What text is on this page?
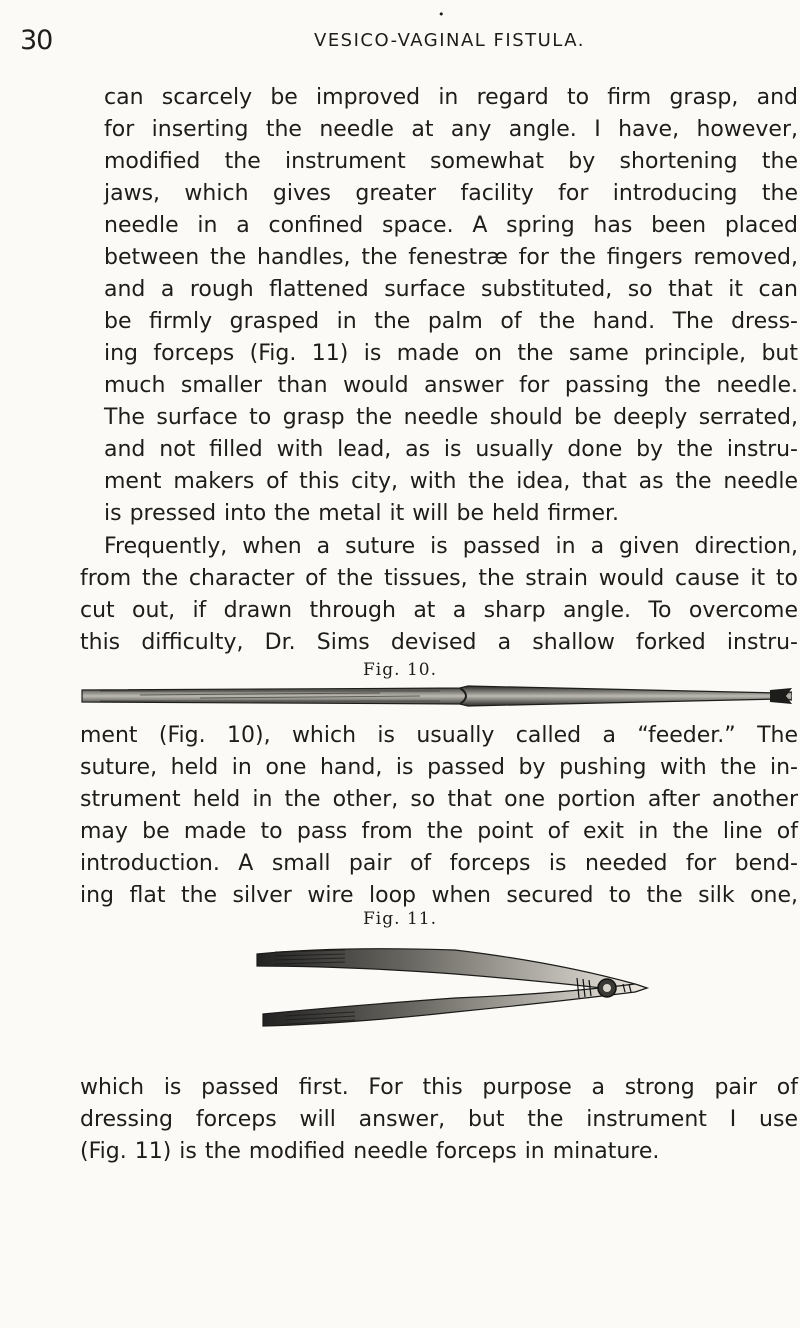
•
30	VESICO-VAGINAL FISTULA.

can scarcely be improved in regard to firm grasp, and
for inserting the needle at any angle. I have, however,
modified the instrument somewhat by shortening the
jaws, which gives greater facility for introducing the
needle in a confined space. A spring has been placed
between the handles, the fenestræ for the fingers removed,
and a rough flattened surface substituted, so that it can
be firmly grasped in the palm of the hand. The dress-
ing forceps (Fig. 11) is made on the same principle, but
much smaller than would answer for passing the needle.
The surface to grasp the needle should be deeply serrated,
and not filled with lead, as is usually done by the instru-
ment makers of this city, with the idea, that as the needle
is pressed into the metal it will be held firmer.

Frequently, when a suture is passed in a given direction,
from the character of the tissues, the strain would cause it to
cut out, if drawn through at a sharp angle. To overcome
this difficulty, Dr. Sims devised a shallow forked instru-

Fig. 10.

ment (Fig. 10), which is usually called a “feeder.” The
suture, held in one hand, is passed by pushing with the in-
strument held in the other, so that one portion after another
may be made to pass from the point of exit in the line of
introduction. A small pair of forceps is needed for bend-
ing flat the silver wire loop when secured to the silk one,

Fig. 11.

which is passed first. For this purpose a strong pair of
dressing forceps will answer, but the instrument I use
(Fig. 11) is the modified needle forceps in minature.
